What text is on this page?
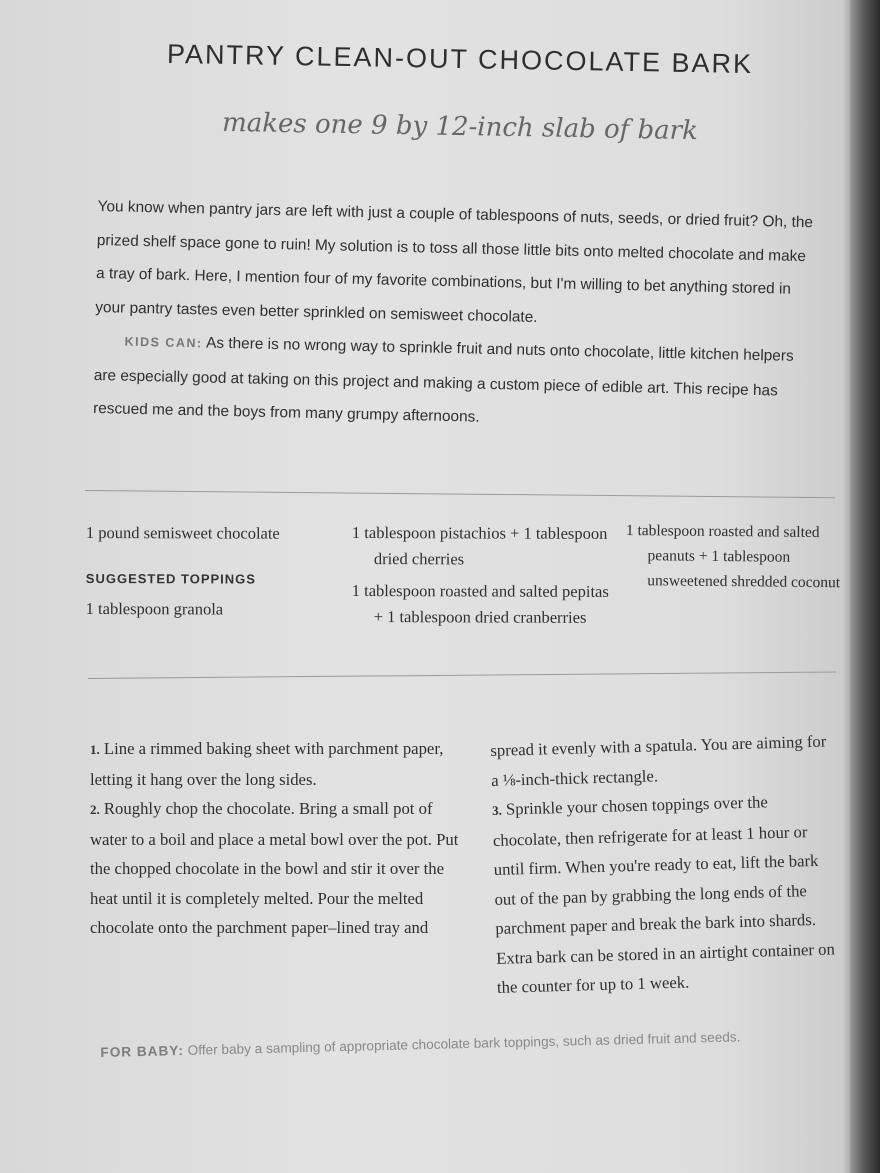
PANTRY CLEAN-OUT CHOCOLATE BARK
makes one 9 by 12-inch slab of bark

You know when pantry jars are left with just a couple of tablespoons of nuts, seeds, or dried fruit? Oh, the prized shelf space gone to ruin! My solution is to toss all those little bits onto melted chocolate and make a tray of bark. Here, I mention four of my favorite combinations, but I'm willing to bet anything stored in your pantry tastes even better sprinkled on semisweet chocolate.

KIDS CAN: As there is no wrong way to sprinkle fruit and nuts onto chocolate, little kitchen helpers are especially good at taking on this project and making a custom piece of edible art. This recipe has rescued me and the boys from many grumpy afternoons.

1 pound semisweet chocolate
SUGGESTED TOPPINGS
1 tablespoon granola
1 tablespoon pistachios + 1 tablespoon dried cherries
1 tablespoon roasted and salted pepitas + 1 tablespoon dried cranberries
1 tablespoon roasted and salted peanuts + 1 tablespoon unsweetened shredded coconut

1. Line a rimmed baking sheet with parchment paper, letting it hang over the long sides.

2. Roughly chop the chocolate. Bring a small pot of water to a boil and place a metal bowl over the pot. Put the chopped chocolate in the bowl and stir it over the heat until it is completely melted. Pour the melted chocolate onto the parchment paper–lined tray and

spread it evenly with a spatula. You are aiming for a ⅛-inch-thick rectangle.

3. Sprinkle your chosen toppings over the chocolate, then refrigerate for at least 1 hour or until firm. When you're ready to eat, lift the bark out of the pan by grabbing the long ends of the parchment paper and break the bark into shards. Extra bark can be stored in an airtight container on the counter for up to 1 week.

FOR BABY: Offer baby a sampling of appropriate chocolate bark toppings, such as dried fruit and seeds.
